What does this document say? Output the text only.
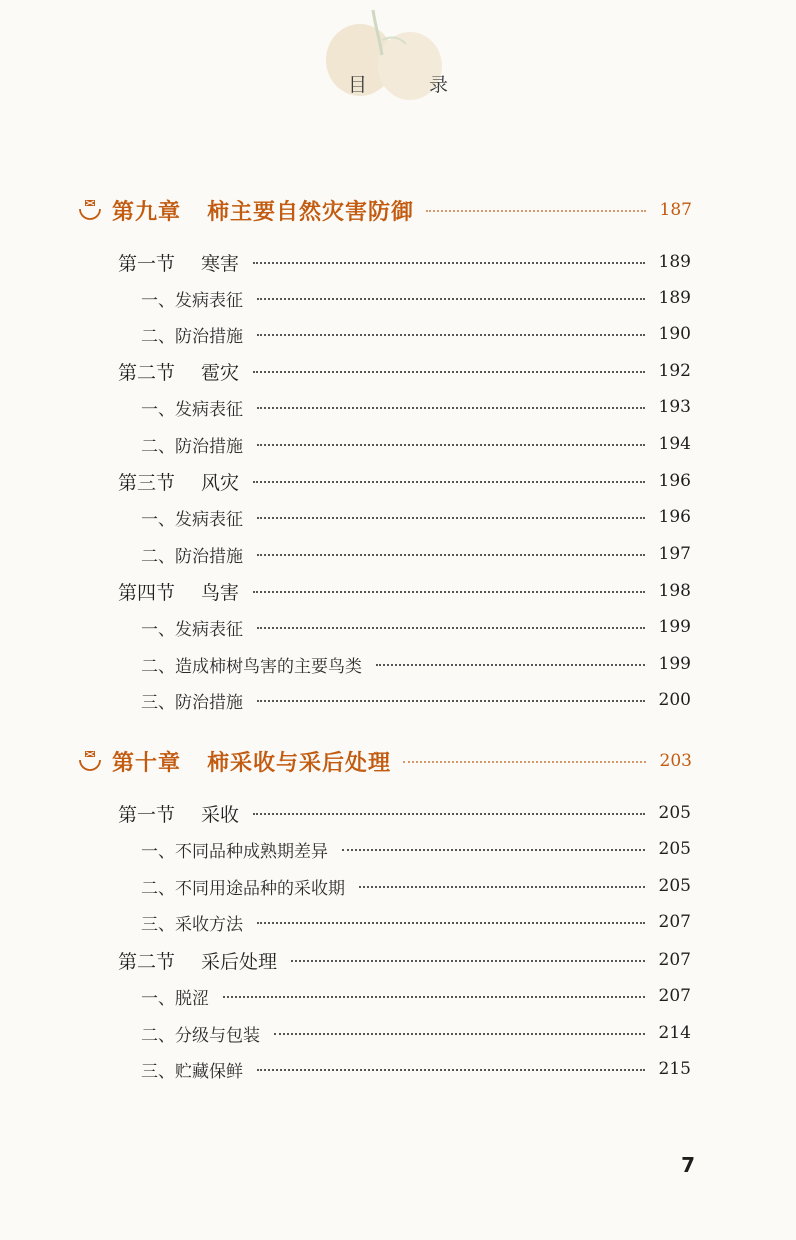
目 录
第九章 柿主要自然灾害防御	187
第一节 寒害	189
一、发病表征	189
二、防治措施	190
第二节 雹灾	192
一、发病表征	193
二、防治措施	194
第三节 风灾	196
一、发病表征	196
二、防治措施	197
第四节 鸟害	198
一、发病表征	199
二、造成柿树鸟害的主要鸟类	199
三、防治措施	200
第十章 柿采收与采后处理	203
第一节 采收	205
一、不同品种成熟期差异	205
二、不同用途品种的采收期	205
三、采收方法	207
第二节 采后处理	207
一、脱涩	207
二、分级与包装	214
三、贮藏保鲜	215
7
